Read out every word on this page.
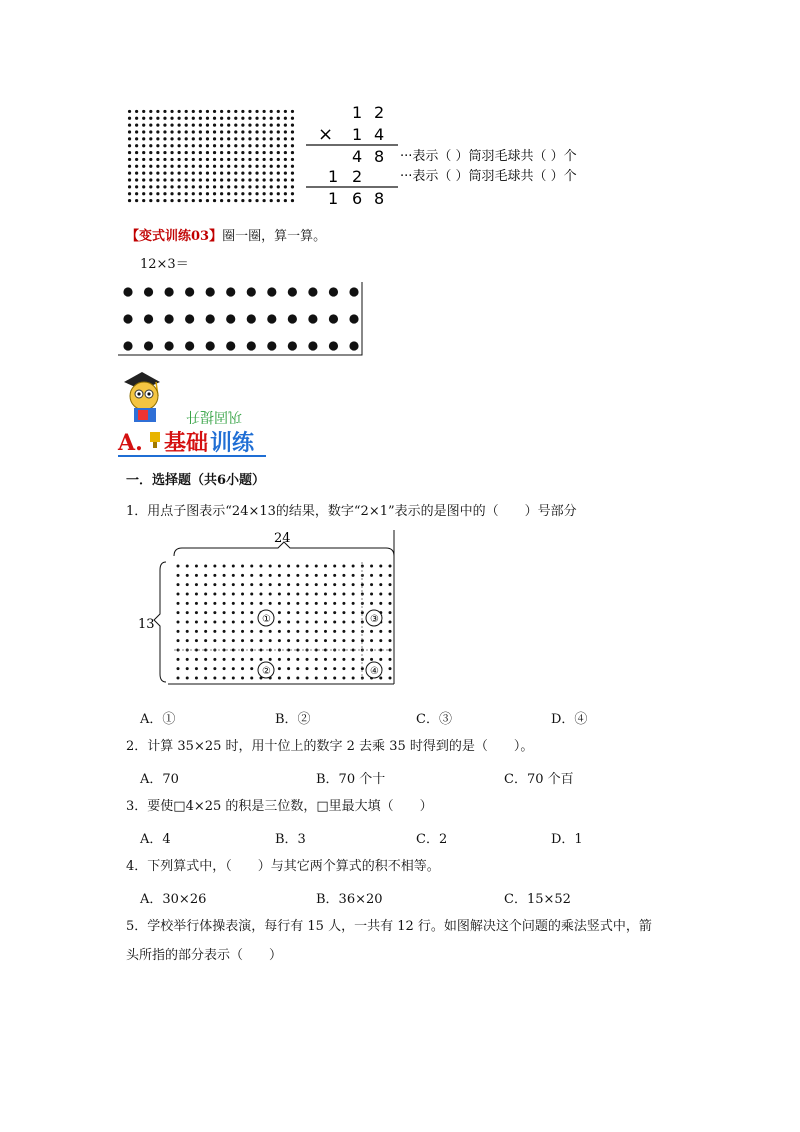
1 2
× 1 4
4 8 ···表示（ ）筒羽毛球共（ ）个
1 2	···表示（ ）筒羽毛球共（ ）个
1 6 8
【变式训练03】圈一圈，算一算。
12×3＝
巩固提升
A. 基础 训练
一．选择题（共6小题）
1．用点子图表示“24×13的结果，数字“2×1”表示的是图中的（　　）号部分
24
13	①
②
③
④
A．①	B．②	C．③	D．④
2．计算 35×25 时，用十位上的数字 2 去乘 35 时得到的是（　　）。
A．70	B．70 个十	C．70 个百
3．要使□4×25 的积是三位数，□里最大填（　　）
A．4	B．3	C．2	D．1
4．下列算式中，（　　）与其它两个算式的积不相等。
A．30×26	B．36×20	C．15×52
5．学校举行体操表演，每行有 15 人，一共有 12 行。如图解决这个问题的乘法竖式中，箭
头所指的部分表示（　　）
